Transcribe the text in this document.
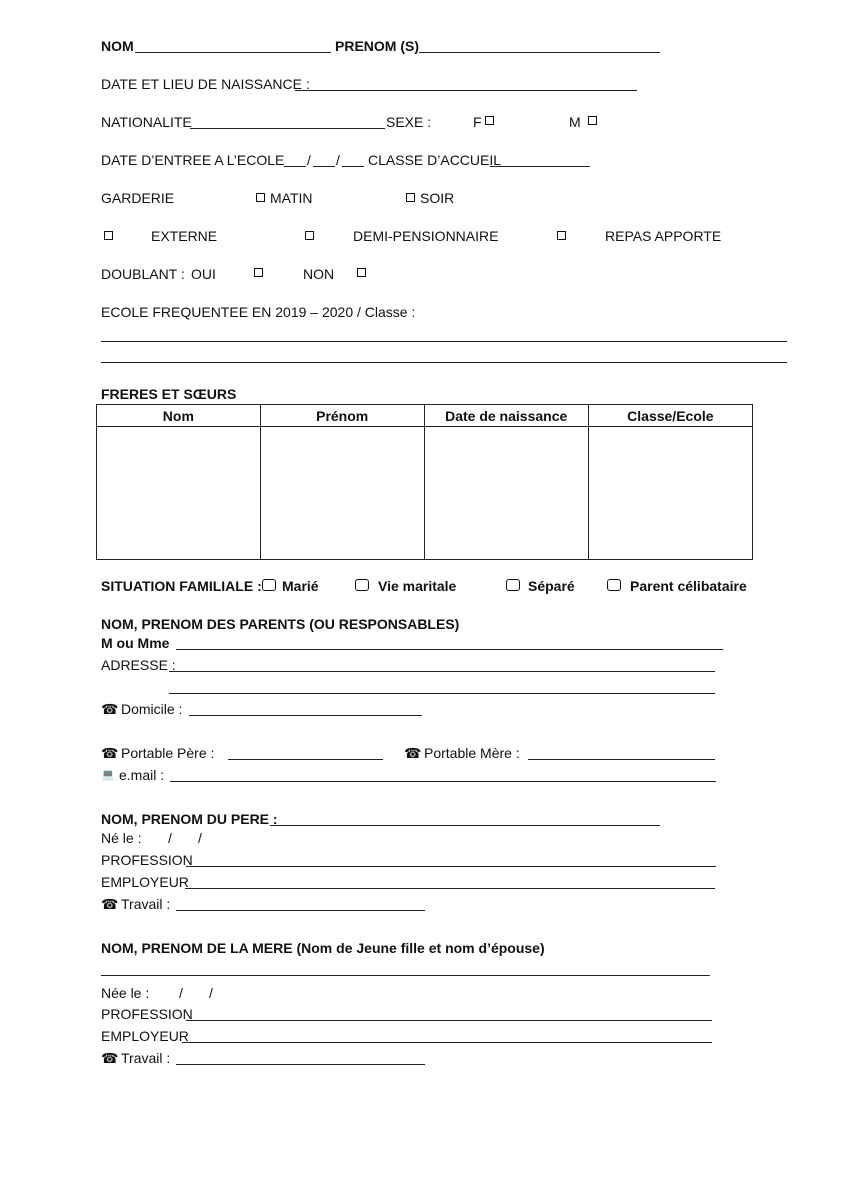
NOM	PRENOM (S)
DATE ET LIEU DE NAISSANCE :
NATIONALITE	SEXE :	F	M
DATE D’ENTREE A L’ECOLE / / CLASSE D’ACCUEIL
GARDERIE	MATIN	SOIR
EXTERNE	DEMI-PENSIONNAIRE	REPAS APPORTE
DOUBLANT : OUI	NON
ECOLE FREQUENTEE EN 2019 – 2020 / Classe :
FRERES ET SŒURS
Nom	Prénom	Date de naissance	Classe/Ecole

SITUATION FAMILIALE : Marié	Vie maritale	Séparé	Parent célibataire
NOM, PRENOM DES PARENTS (OU RESPONSABLES)
M ou Mme
ADRESSE :
☎ Domicile :
☎ Portable Père :	☎ Portable Mère :
💻 e.mail :
NOM, PRENOM DU PERE :
Né le : / /
PROFESSION
EMPLOYEUR
☎ Travail :
NOM, PRENOM DE LA MERE (Nom de Jeune fille et nom d’épouse)
Née le : / /
PROFESSION
EMPLOYEUR
☎ Travail :
